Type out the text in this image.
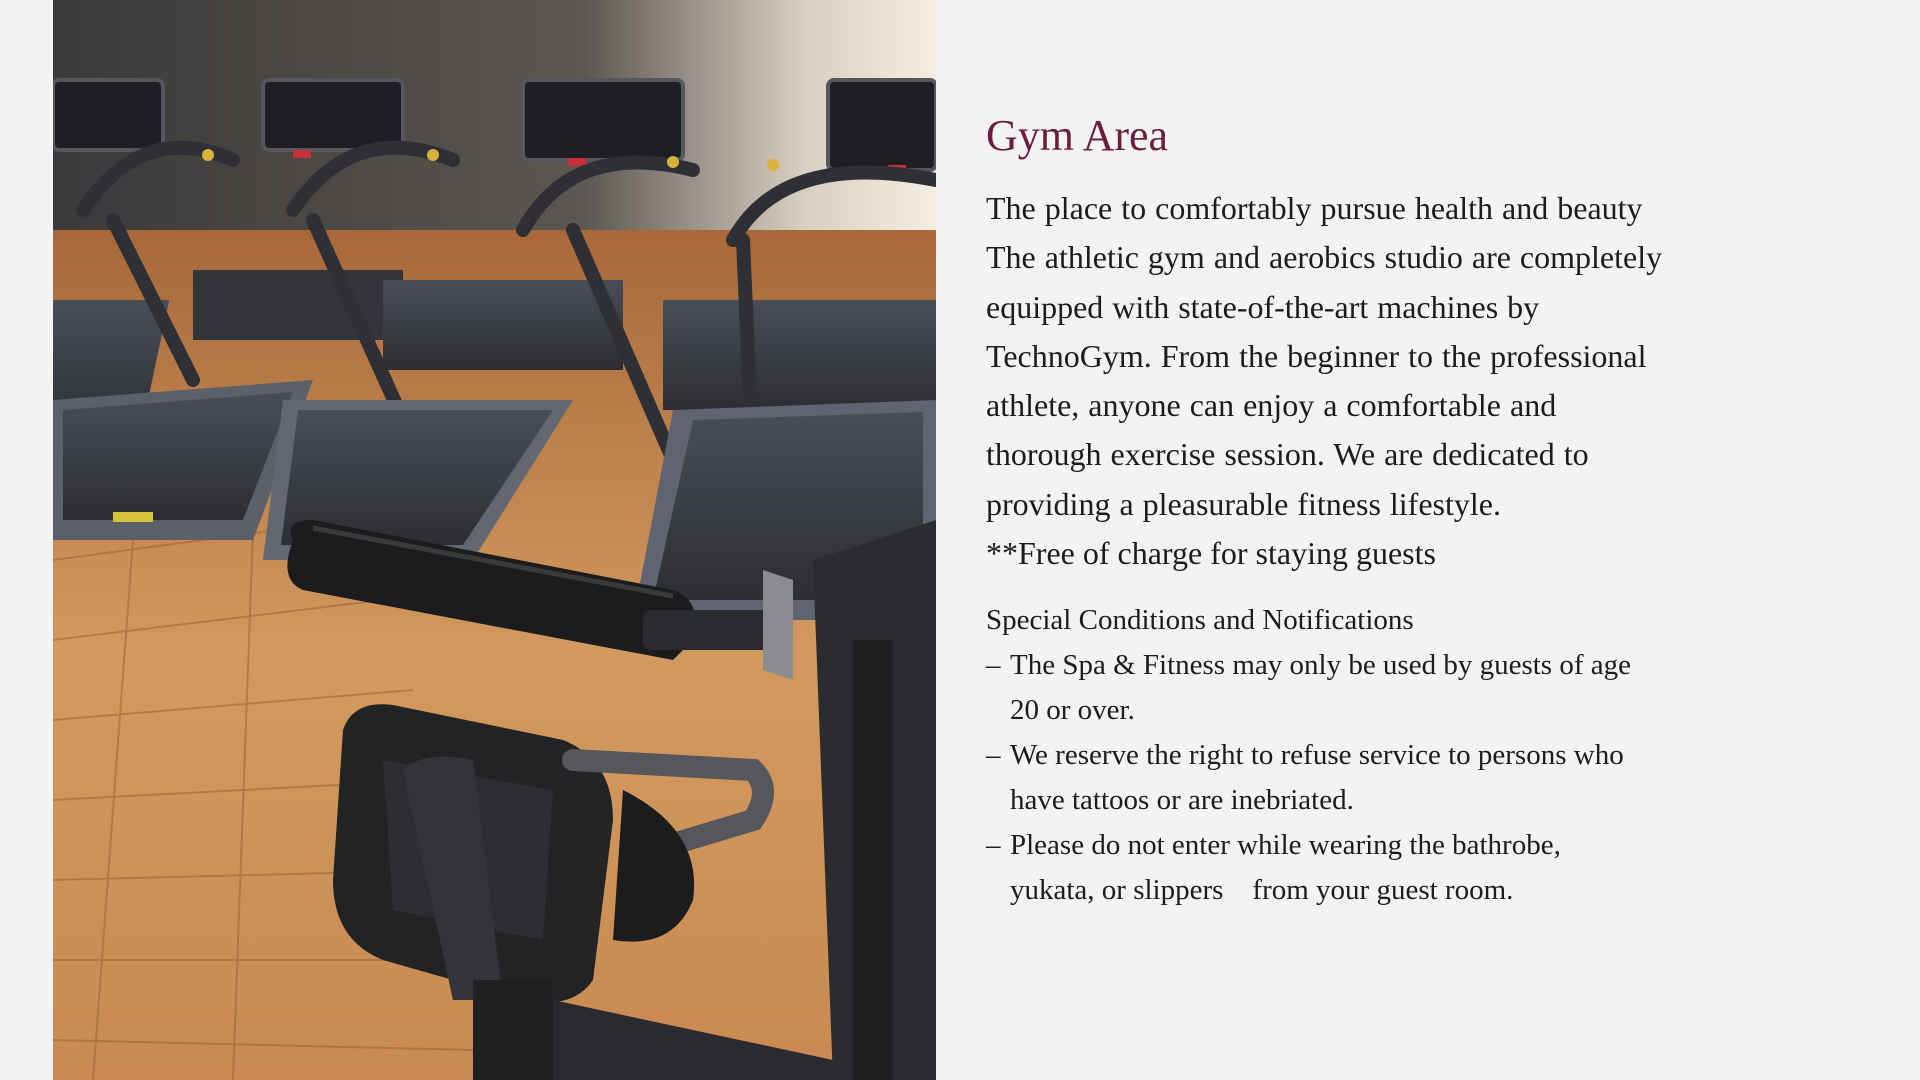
Gym Area

The place to comfortably pursue health and beauty The athletic gym and aerobics studio are completely equipped with state-of-the-art machines by TechnoGym. From the beginner to the professional athlete, anyone can enjoy a comfortable and thorough exercise session. We are dedicated to providing a pleasurable fitness lifestyle.

**Free of charge for staying guests

Special Conditions and Notifications

– The Spa & Fitness may only be used by guests of age 20 or over.
– We reserve the right to refuse service to persons who have tattoos or are inebriated.
– Please do not enter while wearing the bathrobe, yukata, or slippers　from your guest room.
